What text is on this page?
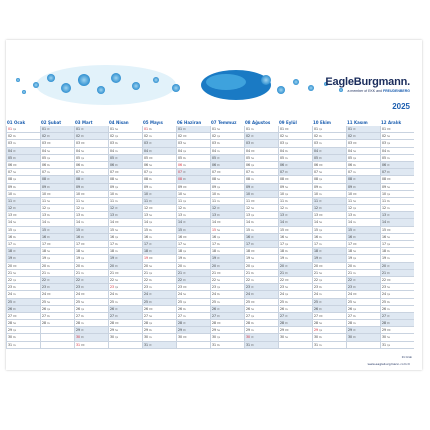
EagleBurgmann.
a member of EKK and FREUDENBERG
2025
01 Ocak
01Ça
02Pe
03Cu
04Ct
05Pz
06Pzt
07Sa
08Ça
09Pe
10Cu
11Ct
12Pz
13Pzt
14Sa
15Ça
16Pe
17Cu
18Ct
19Pz
20Pzt
21Sa
22Ça
23Pe
24Cu
25Ct
26Pz
27Pzt
28Sa
29Ça
30Pe
31Cu
02 Şubat
01Ct
02Pz
03Pzt
04Sa
05Ça
06Pe
07Cu
08Ct
09Pz
10Pzt
11Sa
12Ça
13Pe
14Cu
15Ct
16Pz
17Pzt
18Sa
19Ça
20Pe
21Cu
22Ct
23Pz
24Pzt
25Sa
26Ça
27Pe
28Cu
03 Mart
01Ct
02Pz
03Pzt
04Sa
05Ça
06Pe
07Cu
08Ct
09Pz
10Pzt
11Sa
12Ça
13Pe
14Cu
15Ct
16Pz
17Pzt
18Sa
19Ça
20Pe
21Cu
22Ct
23Pz
24Pzt
25Sa
26Ça
27Pe
28Cu
29Ct
30Pz
31Pzt
04 Nisan
01Sa
02Ça
03Pe
04Cu
05Ct
06Pz
07Pzt
08Sa
09Ça
10Pe
11Cu
12Ct
13Pz
14Pzt
15Sa
16Ça
17Pe
18Cu
19Ct
20Pz
21Pzt
22Sa
23Ça
24Pe
25Cu
26Ct
27Pz
28Pzt
29Sa
30Ça
05 Mayıs
01Pe
02Cu
03Ct
04Pz
05Pzt
06Sa
07Ça
08Pe
09Cu
10Ct
11Pz
12Pzt
13Sa
14Ça
15Pe
16Cu
17Ct
18Pz
19Pzt
20Sa
21Ça
22Pe
23Cu
24Ct
25Pz
26Pzt
27Sa
28Ça
29Pe
30Cu
31Ct
06 Haziran
01Pz
02Pzt
03Sa
04Ça
05Pe
06Cu
07Ct
08Pz
09Pzt
10Sa
11Ça
12Pe
13Cu
14Ct
15Pz
16Pzt
17Sa
18Ça
19Pe
20Cu
21Ct
22Pz
23Pzt
24Sa
25Ça
26Pe
27Cu
28Ct
29Pz
30Pzt
07 Temmuz
01Sa
02Ça
03Pe
04Cu
05Ct
06Pz
07Pzt
08Sa
09Ça
10Pe
11Cu
12Ct
13Pz
14Pzt
15Sa
16Ça
17Pe
18Cu
19Ct
20Pz
21Pzt
22Sa
23Ça
24Pe
25Cu
26Ct
27Pz
28Pzt
29Sa
30Ça
31Pe
08 Ağustos
01Cu
02Ct
03Pz
04Pzt
05Sa
06Ça
07Pe
08Cu
09Ct
10Pz
11Pzt
12Sa
13Ça
14Pe
15Cu
16Ct
17Pz
18Pzt
19Sa
20Ça
21Pe
22Cu
23Ct
24Pz
25Pzt
26Sa
27Ça
28Pe
29Cu
30Ct
31Pz
09 Eylül
01Pzt
02Sa
03Ça
04Pe
05Cu
06Ct
07Pz
08Pzt
09Sa
10Ça
11Pe
12Cu
13Ct
14Pz
15Pzt
16Sa
17Ça
18Pe
19Cu
20Ct
21Pz
22Pzt
23Sa
24Ça
25Pe
26Cu
27Ct
28Pz
29Pzt
30Sa
10 Ekim
01Ça
02Pe
03Cu
04Ct
05Pz
06Pzt
07Sa
08Ça
09Pe
10Cu
11Ct
12Pz
13Pzt
14Sa
15Ça
16Pe
17Cu
18Ct
19Pz
20Pzt
21Sa
22Ça
23Pe
24Cu
25Ct
26Pz
27Pzt
28Sa
29Ça
30Pe
31Cu
11 Kasım
01Ct
02Pz
03Pzt
04Sa
05Ça
06Pe
07Cu
08Ct
09Pz
10Pzt
11Sa
12Ça
13Pe
14Cu
15Ct
16Pz
17Pzt
18Sa
19Ça
20Pe
21Cu
22Ct
23Pz
24Pzt
25Sa
26Ça
27Pe
28Cu
29Ct
30Pz
12 Aralık
01Pzt
02Sa
03Ça
04Pe
05Cu
06Ct
07Pz
08Pzt
09Sa
10Ça
11Pe
12Cu
13Ct
14Pz
15Pzt
16Sa
17Ça
18Pe
19Cu
20Ct
21Pz
22Pzt
23Sa
24Ça
25Pe
26Cu
27Ct
28Pz
29Pzt
30Sa
31Ça
01 Ocak
www.eagleburgmann.com.tr
